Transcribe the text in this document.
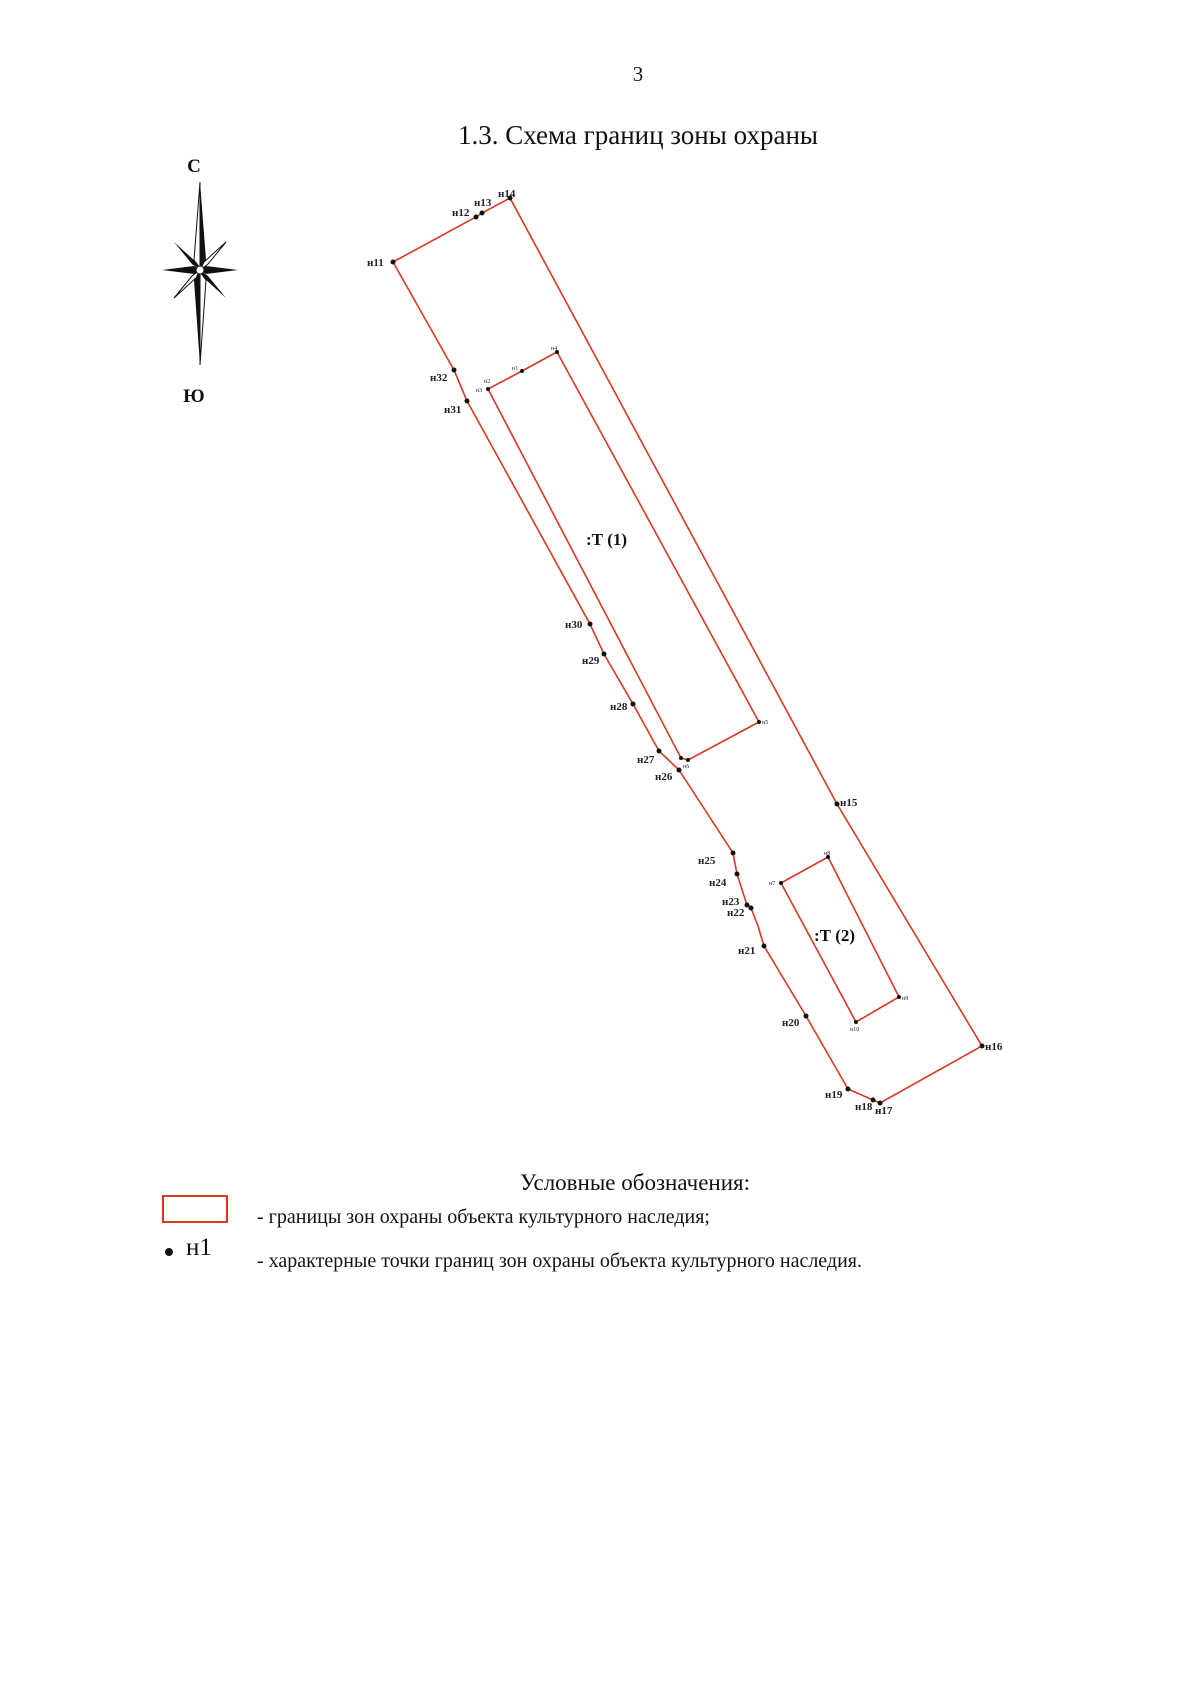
3
1.3. Схема границ зоны охраны
С
Ю
н11
н12
н13
н14
н15
н16
н17
н18
н19
н20
н21
н22
н23
н24
н25
н26
н27
н28
н29
н30
н31
н32
н1
н2
н3
н4
н5
н6
н7
н8
н9
н10
:Т (1)
:Т (2)
Условные обозначения:
- границы зон охраны объекта культурного наследия;
н1 - характерные точки границ зон охраны объекта культурного наследия.
